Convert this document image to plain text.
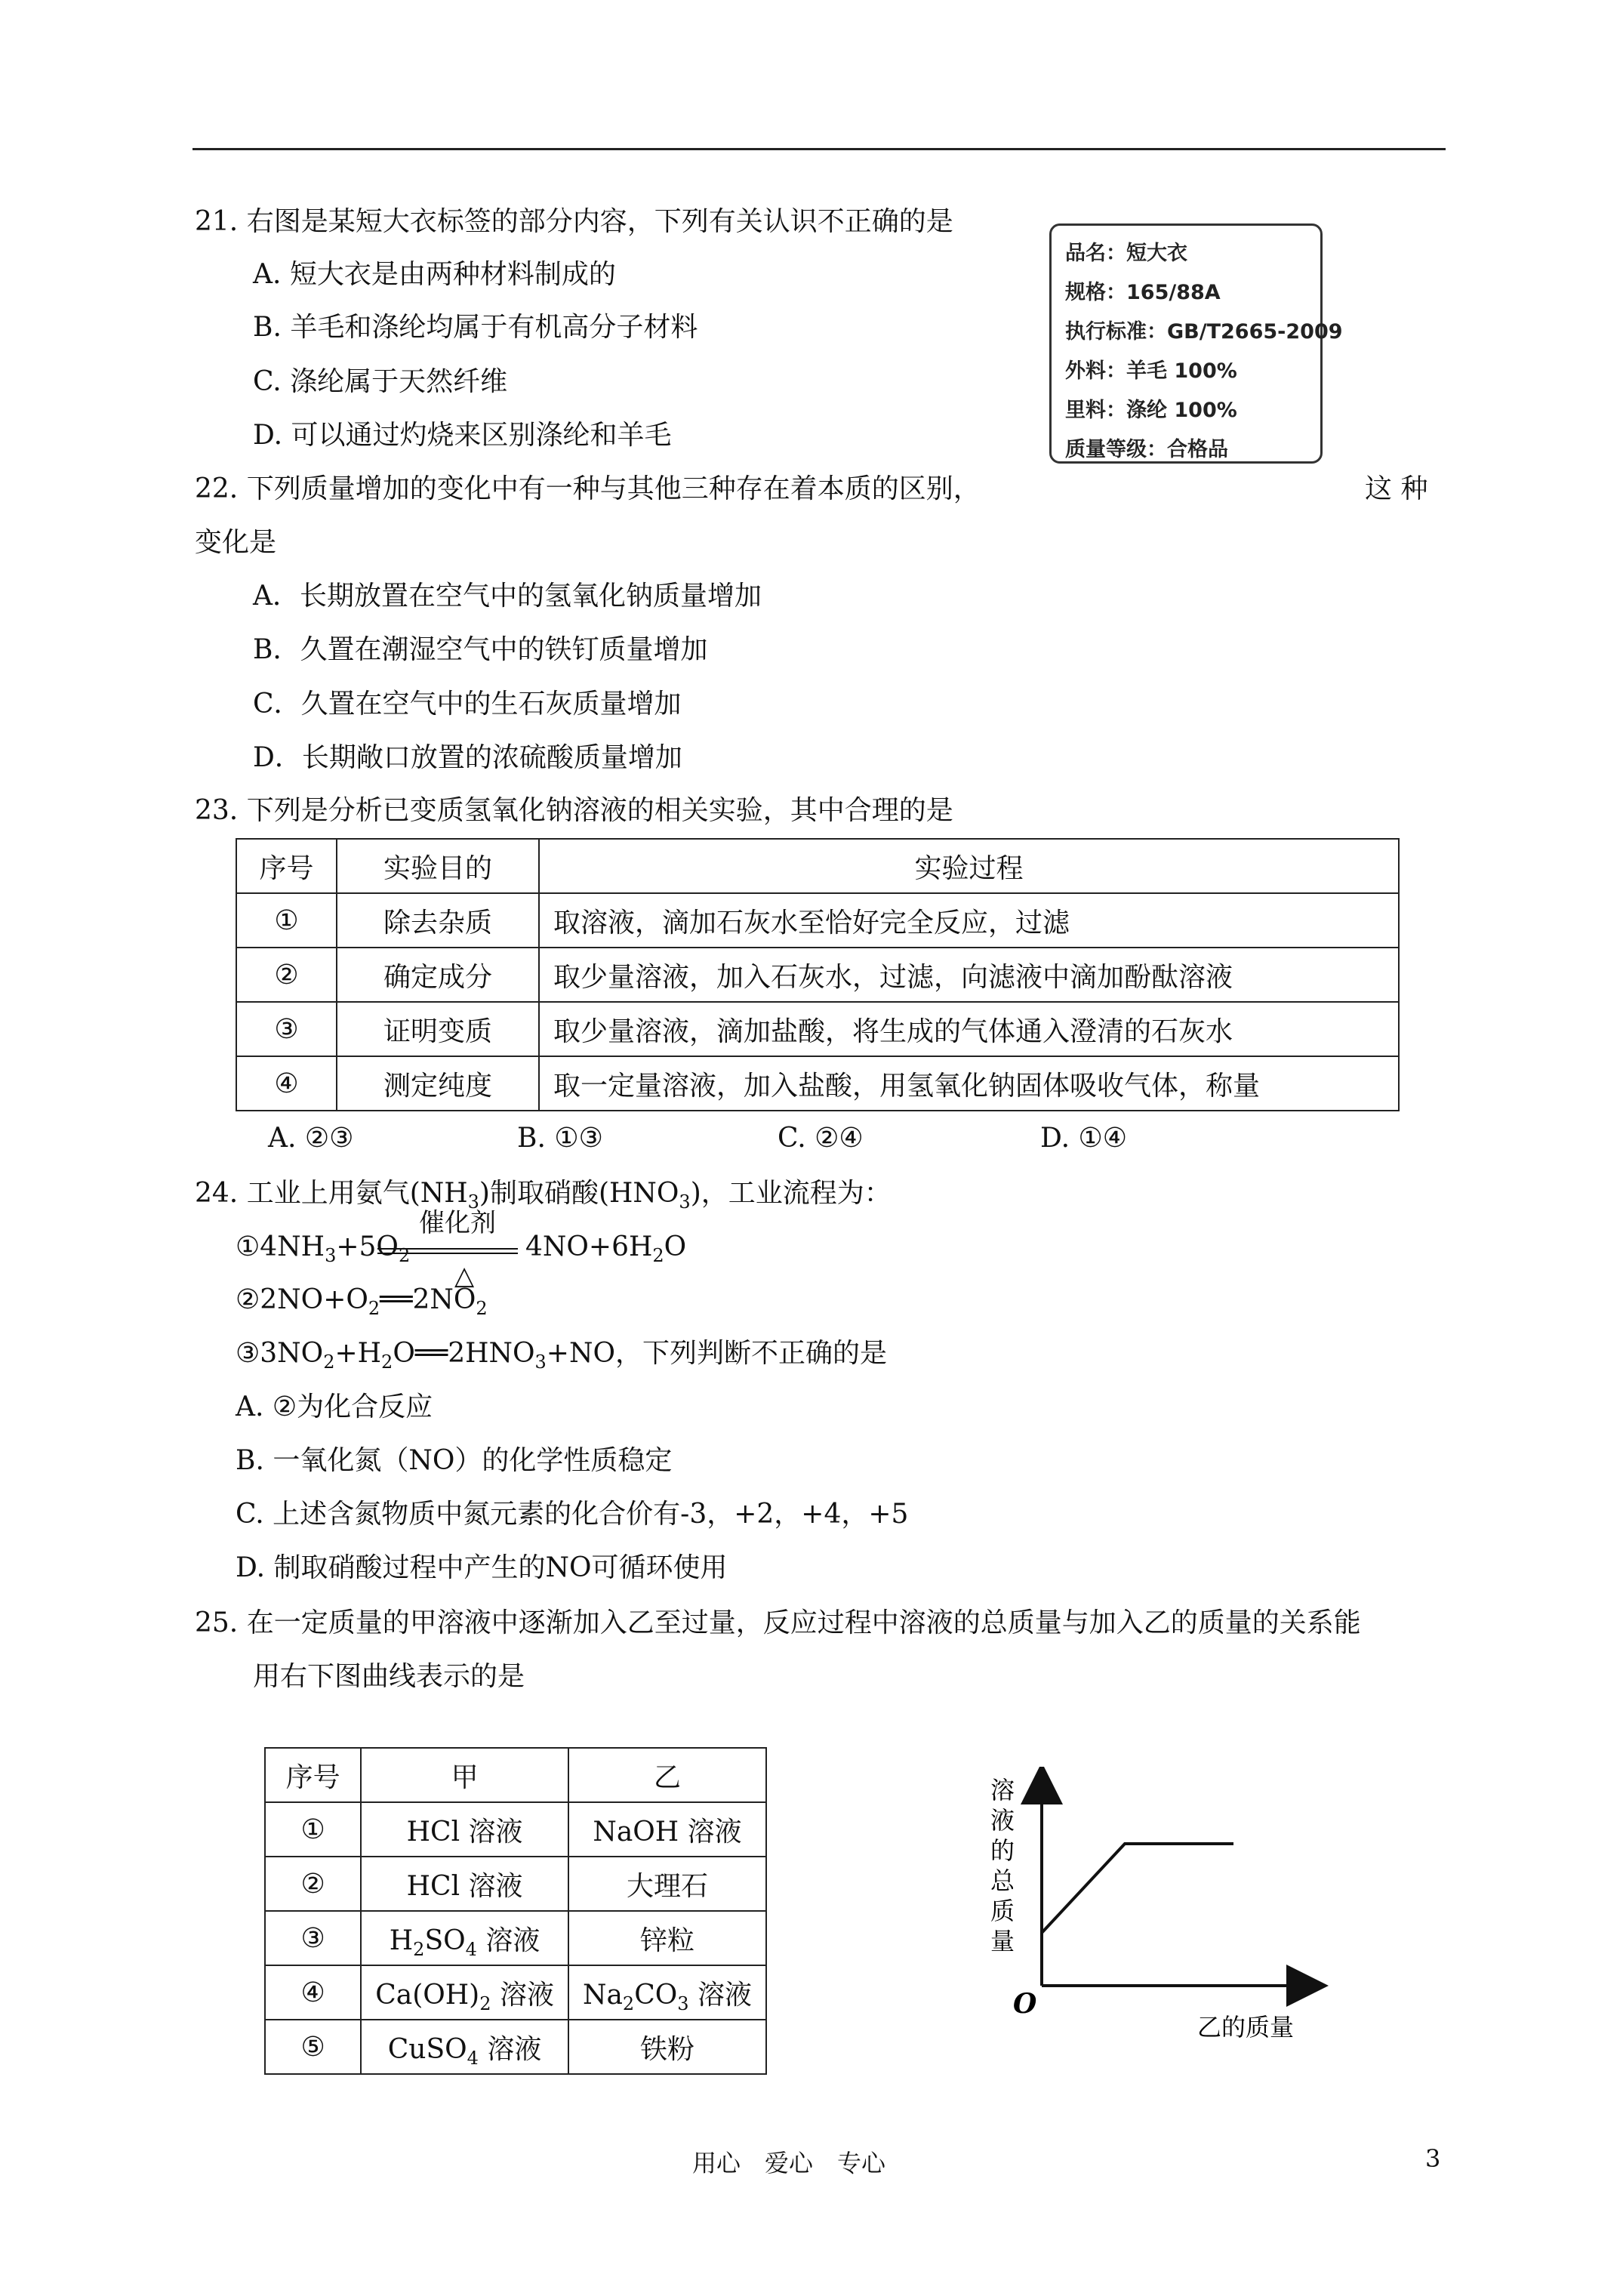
21. 右图是某短大衣标签的部分内容，下列有关认识不正确的是
A. 短大衣是由两种材料制成的
B. 羊毛和涤纶均属于有机高分子材料
C. 涤纶属于天然纤维
D. 可以通过灼烧来区别涤纶和羊毛
品名：短大衣
规格：165/88A
执行标准：GB/T2665-2009
外料：羊毛 100%
里料：涤纶 100%
质量等级：合格品
22. 下列质量增加的变化中有一种与其他三种存在着本质的区别，	这 种
变化是
A．长期放置在空气中的氢氧化钠质量增加
B．久置在潮湿空气中的铁钉质量增加
C．久置在空气中的生石灰质量增加
D．长期敞口放置的浓硫酸质量增加
23. 下列是分析已变质氢氧化钠溶液的相关实验，其中合理的是
序号	实验目的	实验过程
①	除去杂质	取溶液，滴加石灰水至恰好完全反应，过滤
②	确定成分	取少量溶液，加入石灰水，过滤，向滤液中滴加酚酞溶液
③	证明变质	取少量溶液，滴加盐酸，将生成的气体通入澄清的石灰水
④	测定纯度	取一定量溶液，加入盐酸，用氢氧化钠固体吸收气体，称量
A. ②③	B. ①③	C. ②④	D. ①④
24. 工业上用氨气$(NH_3)$制取硝酸$(HNO_3)$，工业流程为：
催化剂
$①4NH_3+5O_2$	$4NO+6H_2O$
△
$②2NO+O_2══2NO_2$
$③3NO_2+H_2O══2HNO_3+NO$，下列判断不正确的是
A. ②为化合反应
B. 一氧化氮（NO）的化学性质稳定
C. 上述含氮物质中氮元素的化合价有-3，+2，+4，+5
D. 制取硝酸过程中产生的NO可循环使用
25. 在一定质量的甲溶液中逐渐加入乙至过量，反应过程中溶液的总质量与加入乙的质量的关系能
用右下图曲线表示的是
序号	甲	乙
①	HCl 溶液	NaOH 溶液
②	HCl 溶液	大理石
③	$H_2SO_4$ 溶液	锌粒
④	$Ca(OH)_2$ 溶液	$Na_2CO_3$ 溶液
⑤	CuSO$_4$ 溶液	铁粉
O
乙的质量
溶 液 的 总 质 量
用心　爱心　专心	3
